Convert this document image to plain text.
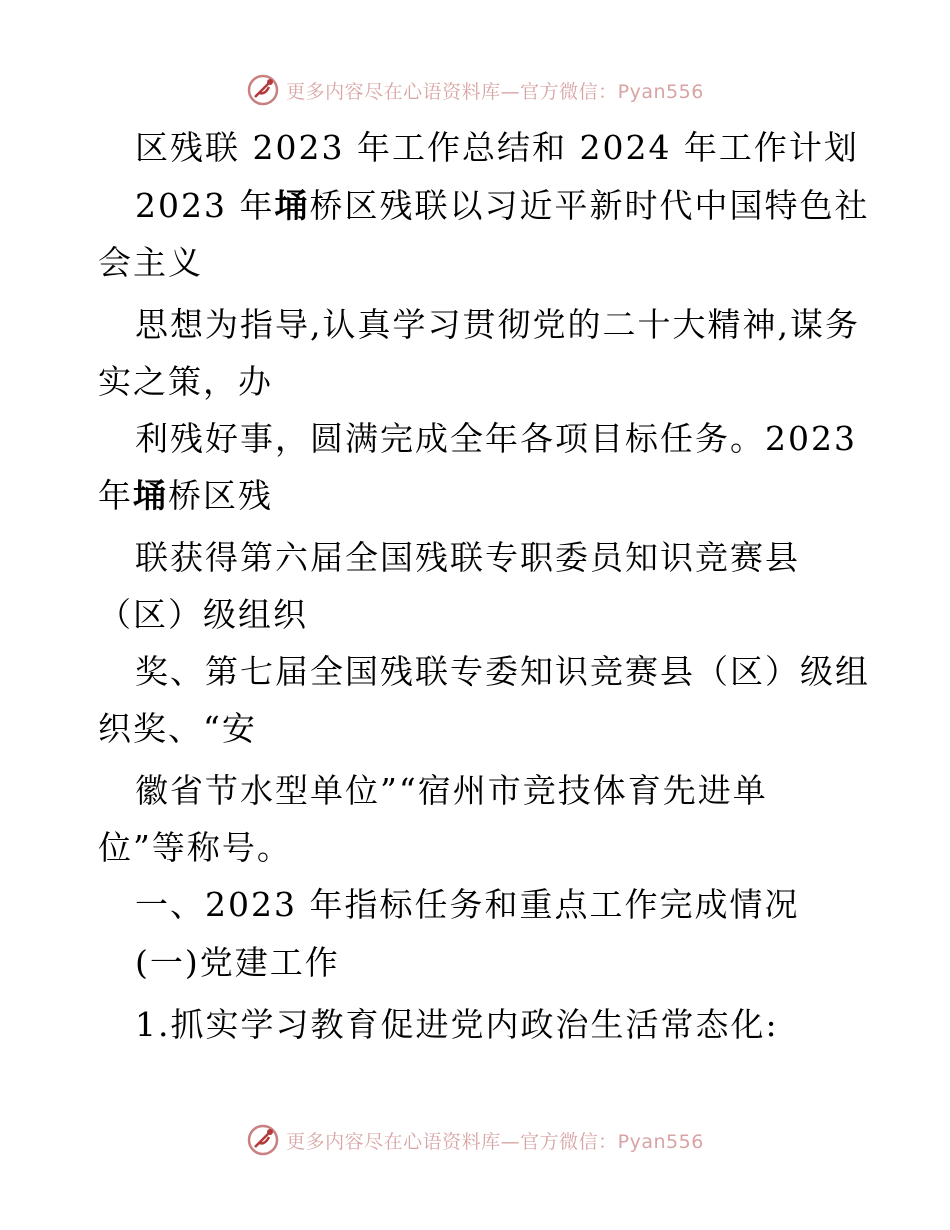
更多内容尽在心语资料库—官方微信：Pyan556
区残联 2023 年工作总结和 2024 年工作计划
2023 年埇桥区残联以习近平新时代中国特色社
会主义
思想为指导,认真学习贯彻党的二十大精神,谋务
实之策，办
利残好事，圆满完成全年各项目标任务。2023
年埇桥区残
联获得第六届全国残联专职委员知识竞赛县
（区）级组织
奖、第七届全国残联专委知识竞赛县（区）级组
织奖、“安
徽省节水型单位”“宿州市竞技体育先进单
位”等称号。
一、2023 年指标任务和重点工作完成情况
(一)党建工作
1.抓实学习教育促进党内政治生活常态化:
更多内容尽在心语资料库—官方微信：Pyan556
